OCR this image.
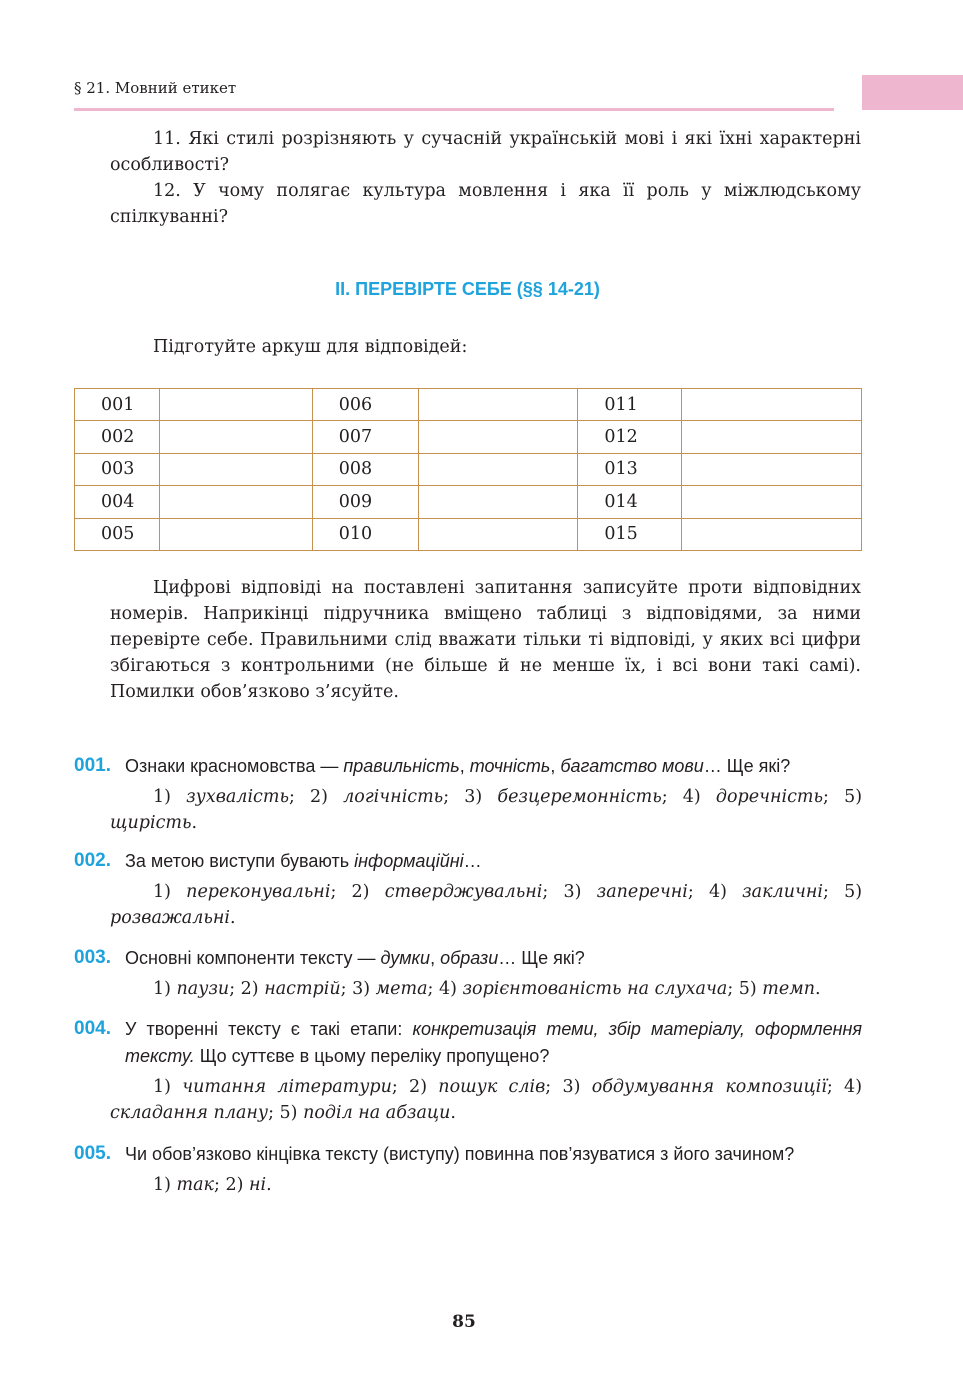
§ 21. Мовний етикет

11. Які стилі розрізняють у сучасній українській мові і які їхні характерні особливості?

12. У чому полягає культура мовлення і яка її роль у міжлюдському спілкуванні?

ІІ. ПЕРЕВІРТЕ СЕБЕ (§§ 14-21)
Підготуйте аркуш для відповідей:
001		006		011	
002		007		012	
003		008		013	
004		009		014	
005		010		015	

Цифрові відповіді на поставлені запитання записуйте проти відповідних номерів. Наприкінці підручника вміщено таблиці з відповідями, за ними перевірте себе. Правильними слід вважати тільки ті відповіді, у яких всі цифри збігаються з контрольними (не більше й не менше їх, і всі вони такі самі). Помилки обов’язково з’ясуйте.

001. Ознаки красномовства — правильність, точність, багатство мови… Ще які?
1) зухвалість; 2) логічність; 3) безцеремонність; 4) доречність; 5) щирість.
002. За метою виступи бувають інформаційні…
1) переконувальні; 2) стверджувальні; 3) заперечні; 4) закличні; 5) розважальні.
003. Основні компоненти тексту — думки, образи… Ще які?
1) паузи; 2) настрій; 3) мета; 4) зорієнтованість на слухача; 5) темп.
004. У творенні тексту є такі етапи: конкретизація теми, збір матеріалу, оформлення тексту. Що суттєве в цьому переліку пропущено?
1) читання літератури; 2) пошук слів; 3) обдумування композиції; 4) складання плану; 5) поділ на абзаци.
005. Чи обов’язково кінцівка тексту (виступу) повинна пов’язуватися з його зачином?
1) так; 2) ні.
85
